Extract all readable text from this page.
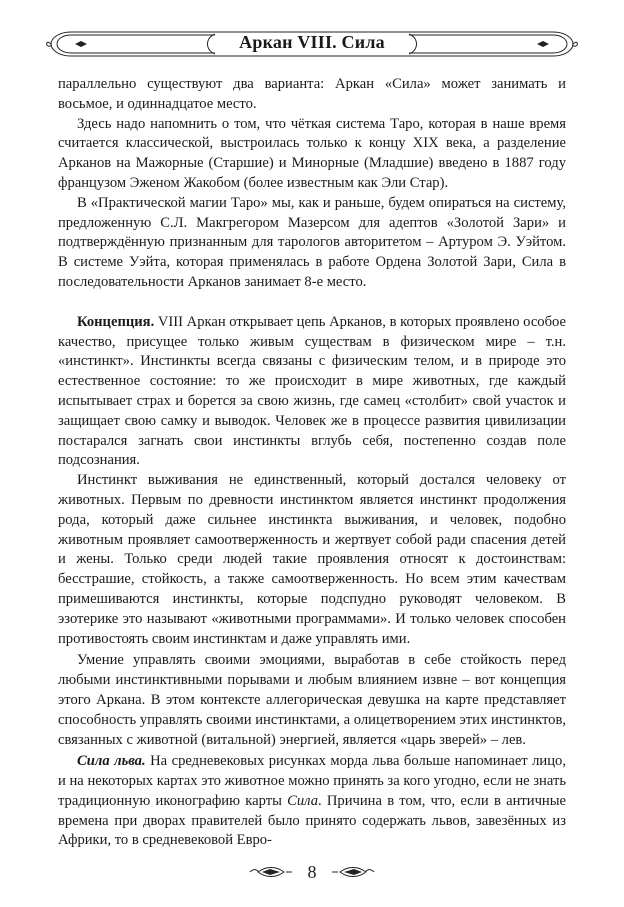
Аркан VIII. Сила

параллельно существуют два варианта: Аркан «Сила» может занимать и восьмое, и одиннадцатое место.

Здесь надо напомнить о том, что чёткая система Таро, которая в наше время считается классической, выстроилась только к концу XIX века, а разделение Арканов на Мажорные (Старшие) и Минорные (Младшие) введено в 1887 году французом Эженом Жакобом (более известным как Эли Стар).

В «Практической магии Таро» мы, как и раньше, будем опираться на систему, предложенную С.Л. Макгрегором Мазерсом для адептов «Золотой Зари» и подтверждённую признанным для тарологов авторитетом – Артуром Э. Уэйтом. В системе Уэйта, которая применялась в работе Ордена Золотой Зари, Сила в последовательности Арканов занимает 8-е место.

Концепция. VIII Аркан открывает цепь Арканов, в которых проявлено особое качество, присущее только живым существам в физическом мире – т.н. «инстинкт». Инстинкты всегда связаны с физическим телом, и в природе это естественное состояние: то же происходит в мире животных, где каждый испытывает страх и борется за свою жизнь, где самец «столбит» свой участок и защищает свою самку и выводок. Человек же в процессе развития цивилизации постарался загнать свои инстинкты вглубь себя, постепенно создав поле подсознания.

Инстинкт выживания не единственный, который достался человеку от животных. Первым по древности инстинктом является инстинкт продолжения рода, который даже сильнее инстинкта выживания, и человек, подобно животным проявляет самоотверженность и жертвует собой ради спасения детей и жены. Только среди людей такие проявления относят к достоинствам: бесстрашие, стойкость, а также самоотверженность. Но всем этим качествам примешиваются инстинкты, которые подспудно руководят человеком. В эзотерике это называют «животными программами». И только человек способен противостоять своим инстинктам и даже управлять ими.

Умение управлять своими эмоциями, выработав в себе стойкость перед любыми инстинктивными порывами и любым влиянием извне – вот концепция этого Аркана. В этом контексте аллегорическая девушка на карте представляет способность управлять своими инстинктами, а олицетворением этих инстинктов, связанных с животной (витальной) энергией, является «царь зверей» – лев.

Сила льва. На средневековых рисунках морда льва больше напоминает лицо, и на некоторых картах это животное можно принять за кого угодно, если не знать традиционную иконографию карты Сила. Причина в том, что, если в античные времена при дворах правителей было принято содержать львов, завезённых из Африки, то в средневековой Евро-

8
